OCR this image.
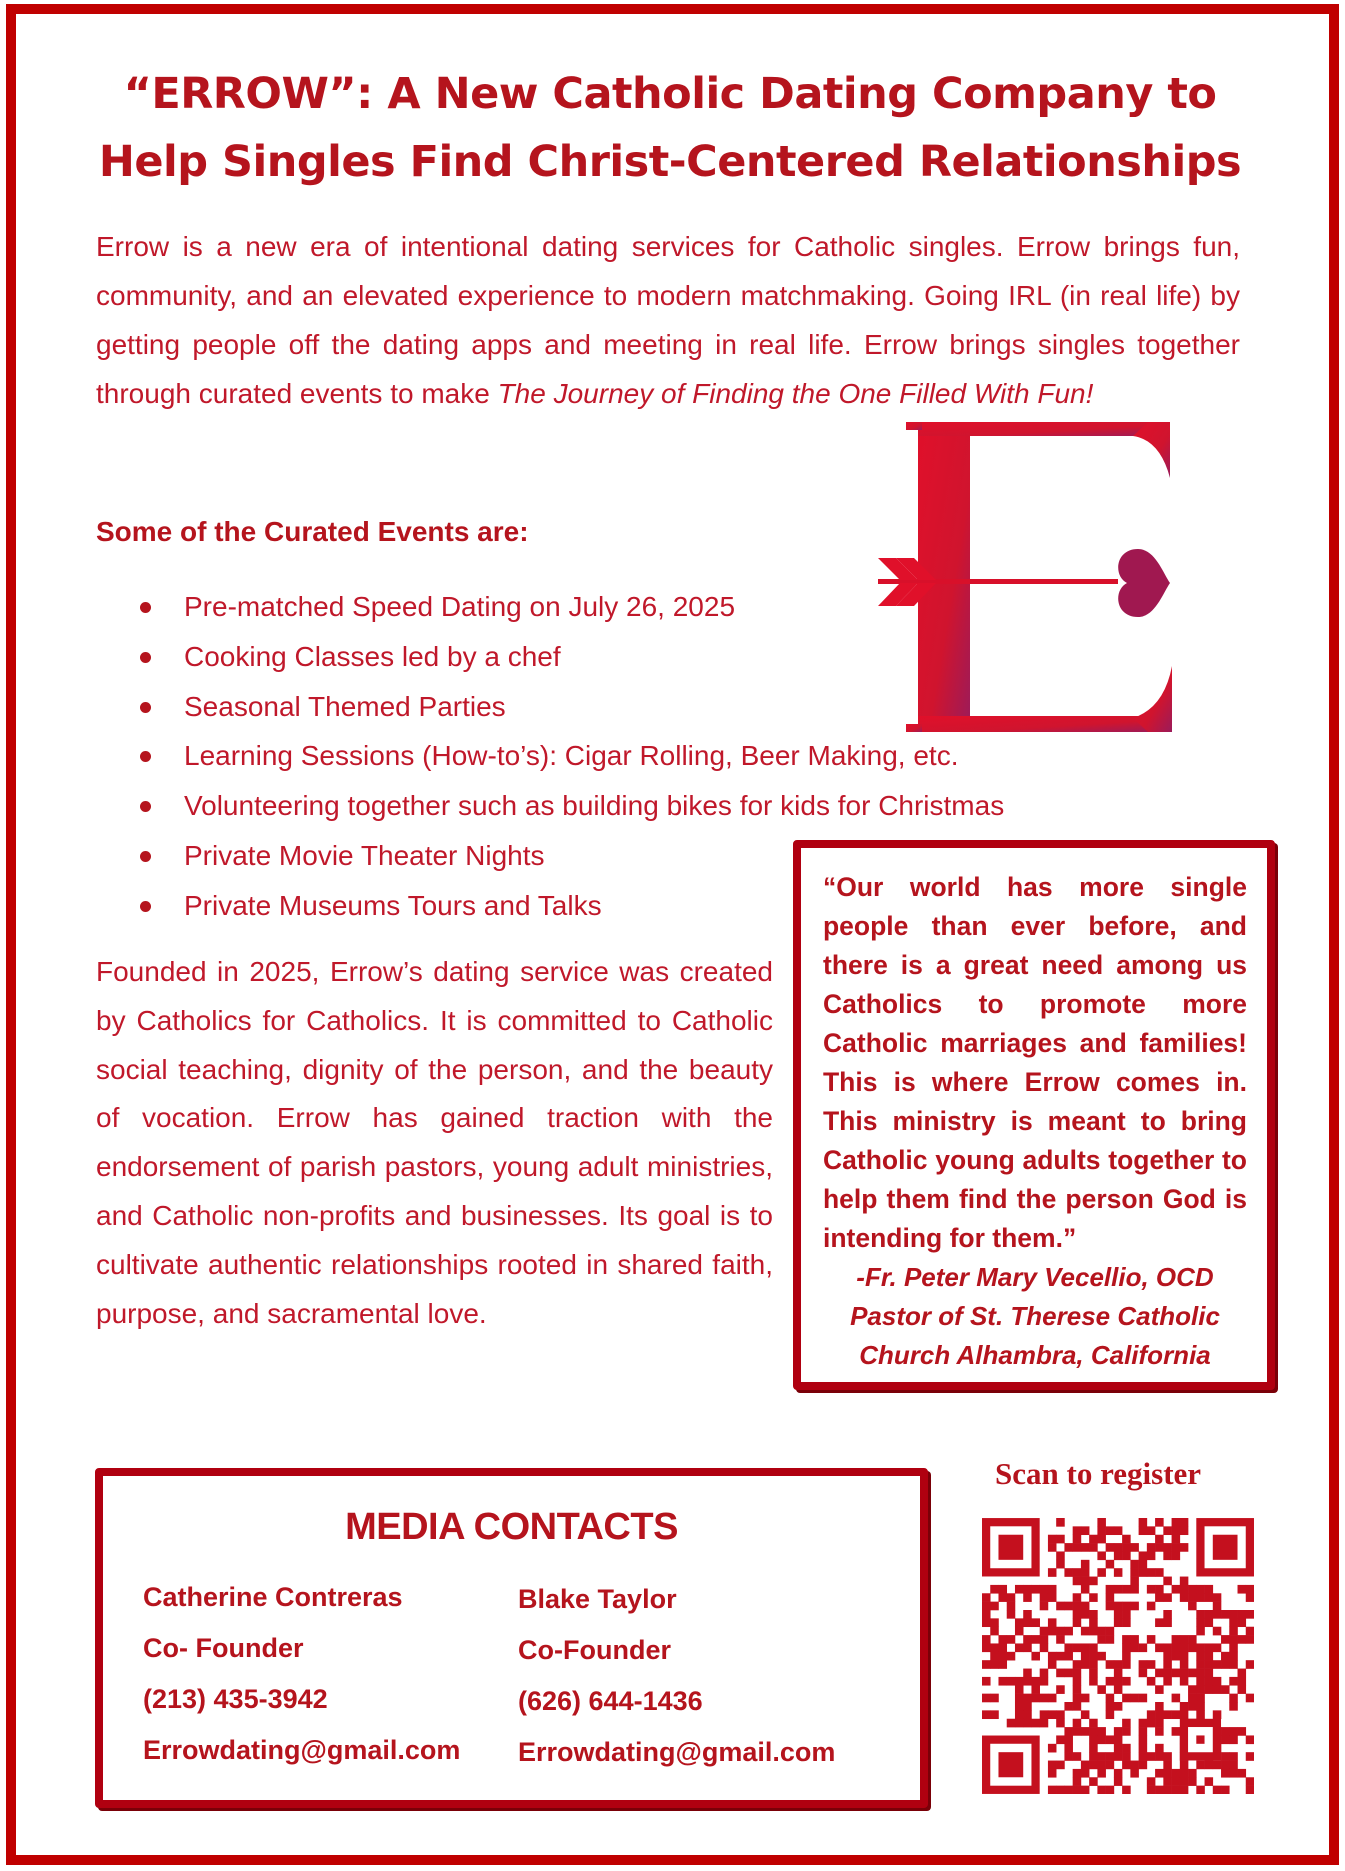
“ERROW”: A New Catholic Dating Company to
Help Singles Find Christ-Centered Relationships

Errow is a new era of intentional dating services for Catholic singles. Errow brings fun, community, and an elevated experience to modern matchmaking. Going IRL (in real life) by getting people off the dating apps and meeting in real life. Errow brings singles together through curated events to make The Journey of Finding the One Filled With Fun!

Some of the Curated Events are:
Pre-matched Speed Dating on July 26, 2025
Cooking Classes led by a chef
Seasonal Themed Parties
Learning Sessions (How-to’s): Cigar Rolling, Beer Making, etc.
Volunteering together such as building bikes for kids for Christmas
Private Movie Theater Nights
Private Museums Tours and Talks

Founded in 2025, Errow’s dating service was created by Catholics for Catholics. It is committed to Catholic social teaching, dignity of the person, and the beauty of vocation. Errow has gained traction with the endorsement of parish pastors, young adult ministries, and Catholic non-profits and businesses. Its goal is to cultivate authentic relationships rooted in shared faith, purpose, and sacramental love.

“Our world has more single people than ever before, and there is a great need among us Catholics to promote more Catholic marriages and families! This is where Errow comes in. This ministry is meant to bring Catholic young adults together to help them find the person God is intending for them.”

-Fr. Peter Mary Vecellio, OCD
Pastor of St. Therese Catholic
Church Alhambra, California
MEDIA CONTACTS
Catherine Contreras
Co- Founder
(213) 435-3942
Errowdating@gmail.com
Blake Taylor
Co-Founder
(626) 644-1436
Errowdating@gmail.com
Scan to register
